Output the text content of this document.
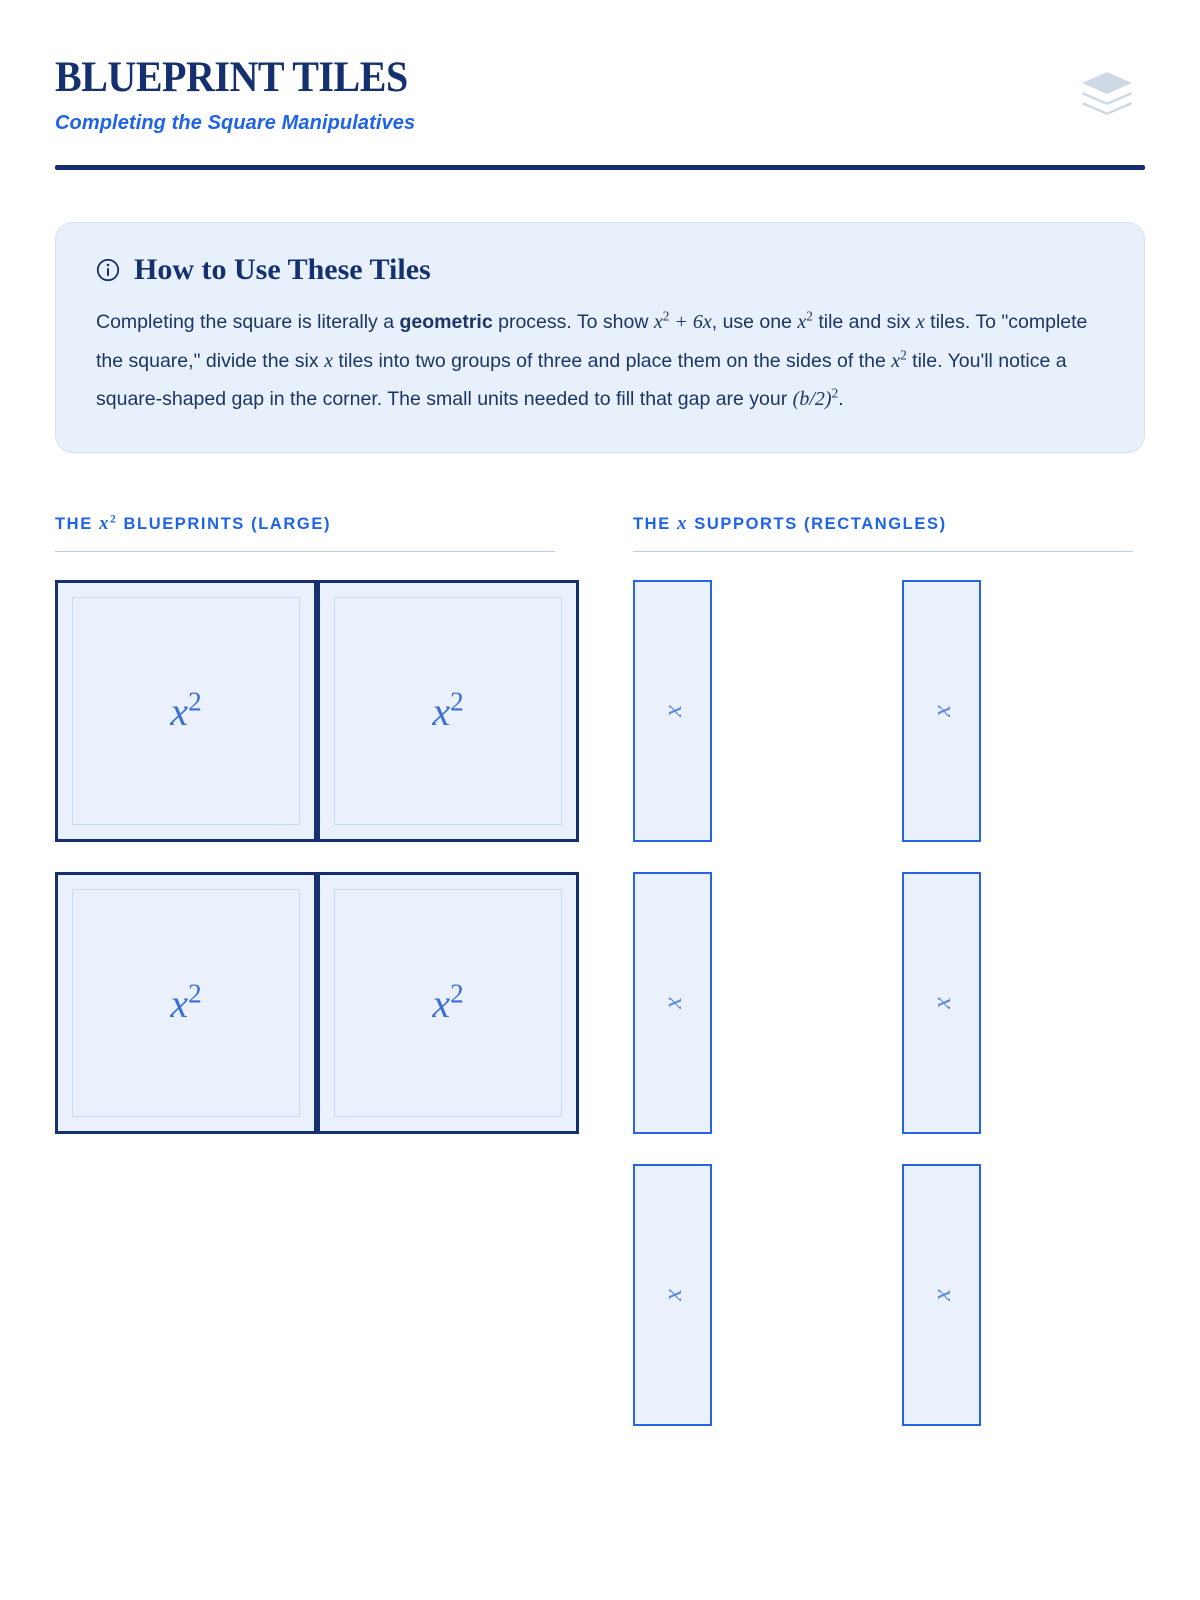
BLUEPRINT TILES
Completing the Square Manipulatives
How to Use These Tiles
Completing the square is literally a geometric process. To show $x^2 + 6x$, use one $x^2$ tile and six x tiles. To "complete the square," divide the six x tiles into two groups of three and place them on the sides of the $x^2$ tile. You'll notice a square-shaped gap in the corner. The small units needed to fill that gap are your $(b/2)^2$.
THE $x^2$ BLUEPRINTS (LARGE)
$x^2$	$x^2$
$x^2$	$x^2$
THE x SUPPORTS (RECTANGLES)
x	x
x	x
x	x
